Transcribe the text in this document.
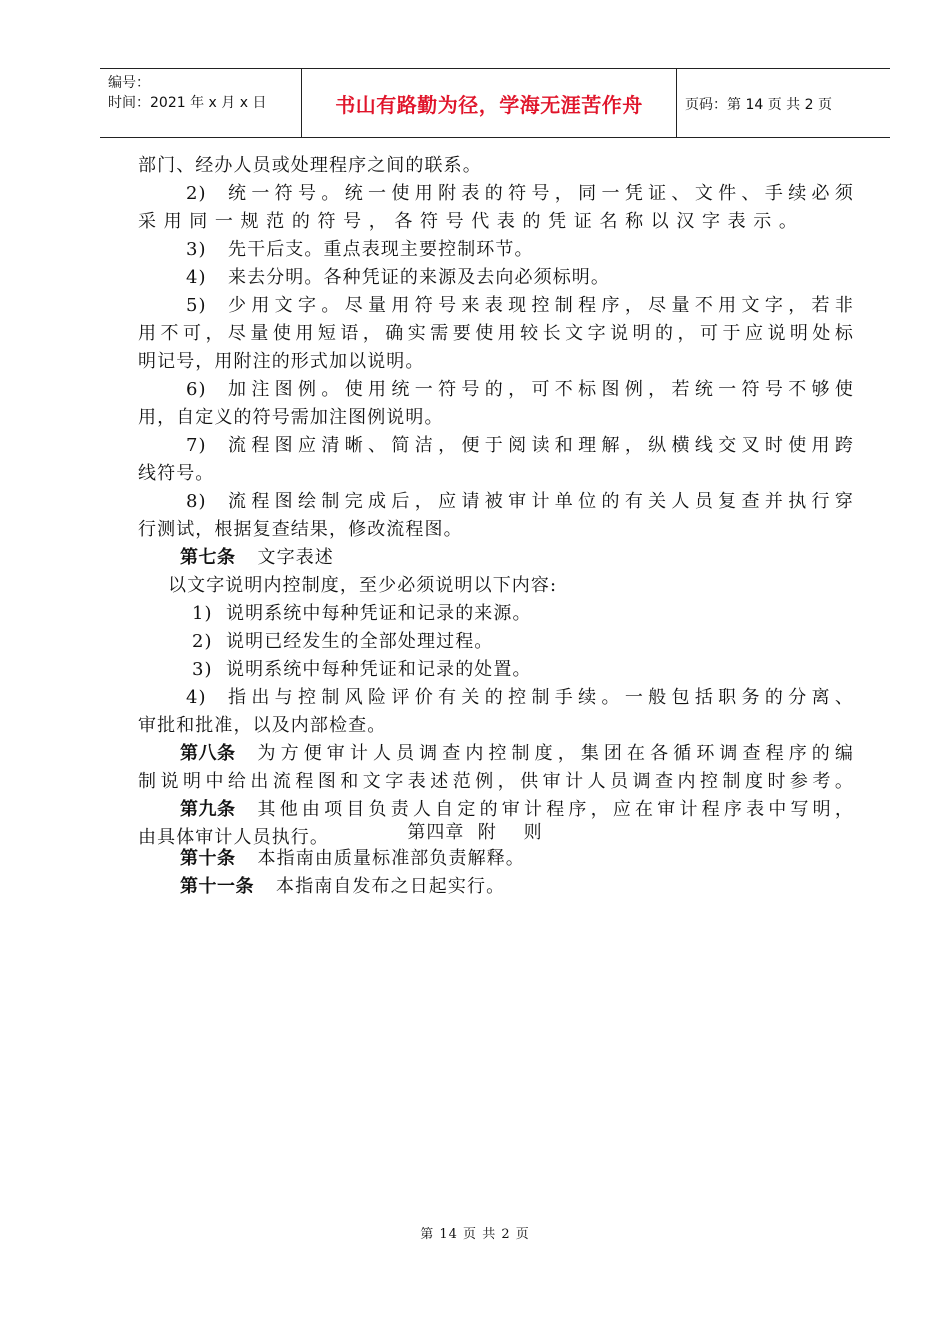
编号：
时间：2021 年 x 月 x 日	书山有路勤为径，学海无涯苦作舟	页码：第 14 页 共 2 页
部门、经办人员或处理程序之间的联系。
2)	统一符号。统一使用附表的符号，同一凭证、文件、手续必须
采用同一规范的符号，各符号代表的凭证名称以汉字表示。
3) 先干后支。重点表现主要控制环节。
4) 来去分明。各种凭证的来源及去向必须标明。
5)	少用文字。尽量用符号来表现控制程序，尽量不用文字，若非
用不可，尽量使用短语，确实需要使用较长文字说明的，可于应说明处标
明记号，用附注的形式加以说明。
6)	加注图例。使用统一符号的，可不标图例，若统一符号不够使
用，自定义的符号需加注图例说明。
7)	流程图应清晰、简洁，便于阅读和理解，纵横线交叉时使用跨
线符号。
8)	流程图绘制完成后，应请被审计单位的有关人员复查并执行穿
行测试，根据复查结果，修改流程图。
第七条 文字表述
以文字说明内控制度，至少必须说明以下内容:
1) 说明系统中每种凭证和记录的来源。
2) 说明已经发生的全部处理过程。
3) 说明系统中每种凭证和记录的处置。
4)	指出与控制风险评价有关的控制手续。一般包括职务的分离、
审批和批准，以及内部检查。
第八条 为方便审计人员调查内控制度，集团在各循环调查程序的编
制说明中给出流程图和文字表述范例，供审计人员调查内控制度时参考。
第九条 其他由项目负责人自定的审计程序，应在审计程序表中写明，
由具体审计人员执行。	第四章  附    则
第十条 本指南由质量标准部负责解释。
第十一条 本指南自发布之日起实行。
第 14 页 共 2 页
